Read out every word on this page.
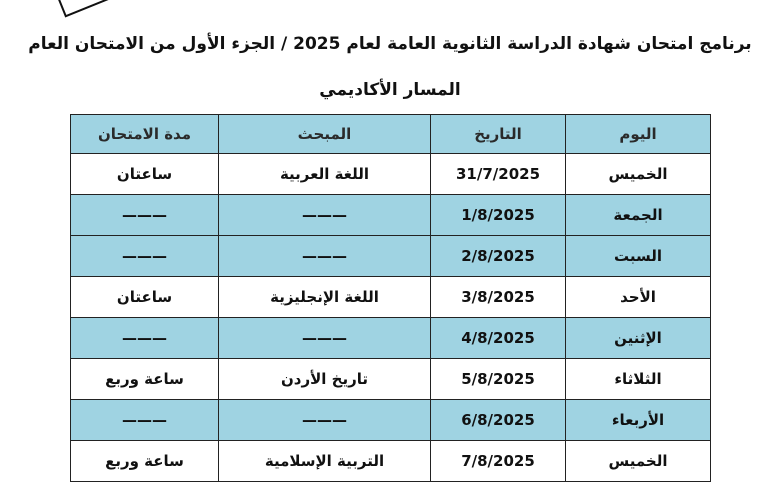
برنامج امتحان شهادة الدراسة الثانوية العامة لعام 2025 / الجزء الأول من الامتحان العام
المسار الأكاديمي
اليوم	التاريخ	المبحث	مدة الامتحان
الخميس	31/7/2025	اللغة العربية	ساعتان
الجمعة	1/8/2025	———	———
السبت	2/8/2025	———	———
الأحد	3/8/2025	اللغة الإنجليزية	ساعتان
الإثنين	4/8/2025	———	———
الثلاثاء	5/8/2025	تاريخ الأردن	ساعة وربع
الأربعاء	6/8/2025	———	———
الخميس	7/8/2025	التربية الإسلامية	ساعة وربع
